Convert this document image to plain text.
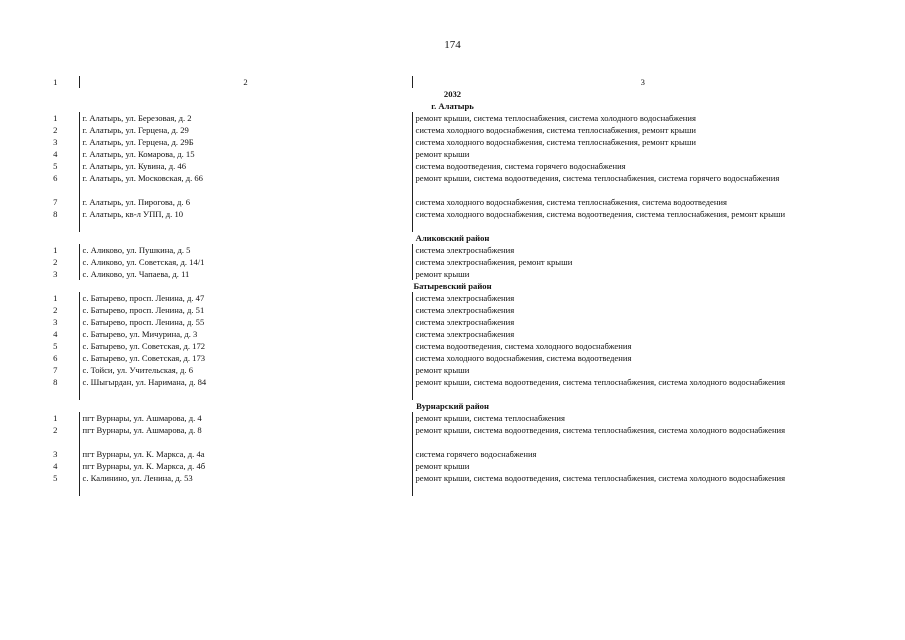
174
1	2	3
2032		
г. Алатырь		
1	г. Алатырь, ул. Березовая, д. 2	ремонт крыши, система теплоснабжения, система холодного водоснабжения
2	г. Алатырь, ул. Герцена, д. 29	система холодного водоснабжения, система теплоснабжения, ремонт крыши
3	г. Алатырь, ул. Герцена, д. 29Б	система холодного водоснабжения, система теплоснабжения, ремонт крыши
4	г. Алатырь, ул. Комарова, д. 15	ремонт крыши
5	г. Алатырь, ул. Кувина, д. 46	система водоотведения, система горячего водоснабжения
6	г. Алатырь, ул. Московская, д. 66	ремонт крыши, система водоотведения, система теплоснабжения, система горячего водоснабжения
7	г. Алатырь, ул. Пирогова, д. 6	система холодного водоснабжения, система теплоснабжения, система водоотведения
8	г. Алатырь, кв-л УПП, д. 10	система холодного водоснабжения, система водоотведения, система теплоснабжения, ремонт крыши
Аликовский район		
1	с. Аликово, ул. Пушкина, д. 5	система электроснабжения
2	с. Аликово, ул. Советская, д. 14/1	система электроснабжения, ремонт крыши
3	с. Аликово, ул. Чапаева, д. 11	ремонт крыши
Батыревский район		
1	с. Батырево, просп. Ленина, д. 47	система электроснабжения
2	с. Батырево, просп. Ленина, д. 51	система электроснабжения
3	с. Батырево, просп. Ленина, д. 55	система электроснабжения
4	с. Батырево, ул. Мичурина, д. 3	система электроснабжения
5	с. Батырево, ул. Советская, д. 172	система водоотведения, система холодного водоснабжения
6	с. Батырево, ул. Советская, д. 173	система холодного водоснабжения, система водоотведения
7	с. Тойси, ул. Учительская, д. 6	ремонт крыши
8	с. Шыгырдан, ул. Наримана, д. 84	ремонт крыши, система водоотведения, система теплоснабжения, система холодного водоснабжения
Вурнарский район		
1	пгт Вурнары, ул. Ашмарова, д. 4	ремонт крыши, система теплоснабжения
2	пгт Вурнары, ул. Ашмарова, д. 8	ремонт крыши, система водоотведения, система теплоснабжения, система холодного водоснабжения
3	пгт Вурнары, ул. К. Маркса, д. 4а	система горячего водоснабжения
4	пгт Вурнары, ул. К. Маркса, д. 4б	ремонт крыши
5	с. Калинино, ул. Ленина, д. 53	ремонт крыши, система водоотведения, система теплоснабжения, система холодного водоснабжения
